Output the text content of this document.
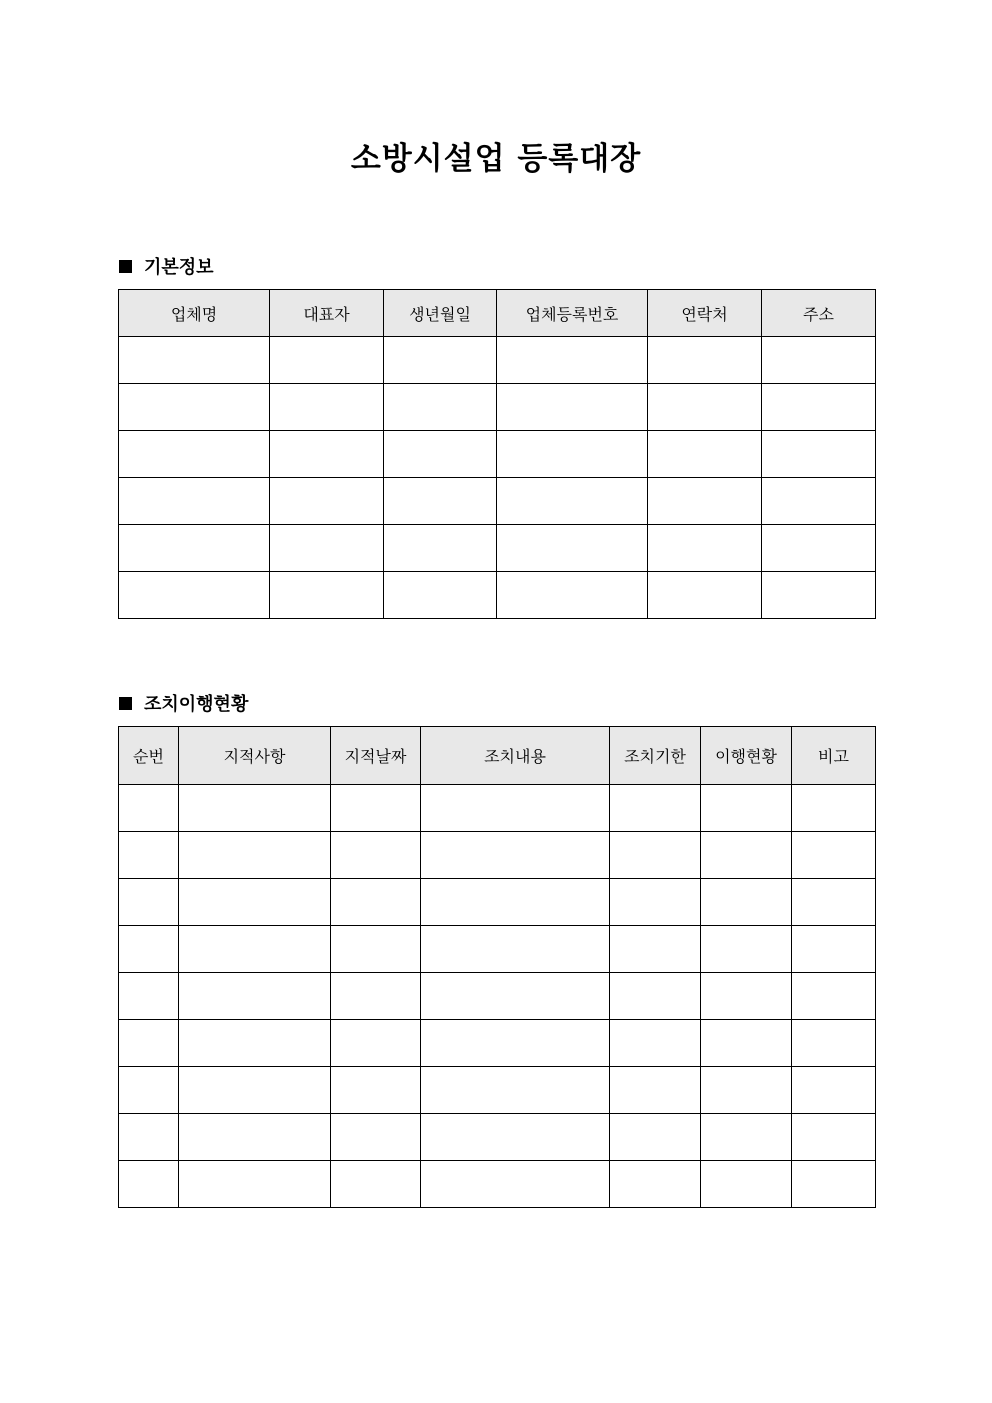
소방시설업 등록대장
기본정보
업체명	대표자	생년월일	업체등록번호	연락처	주소

조치이행현황
순번	지적사항	지적날짜	조치내용	조치기한	이행현황	비고
